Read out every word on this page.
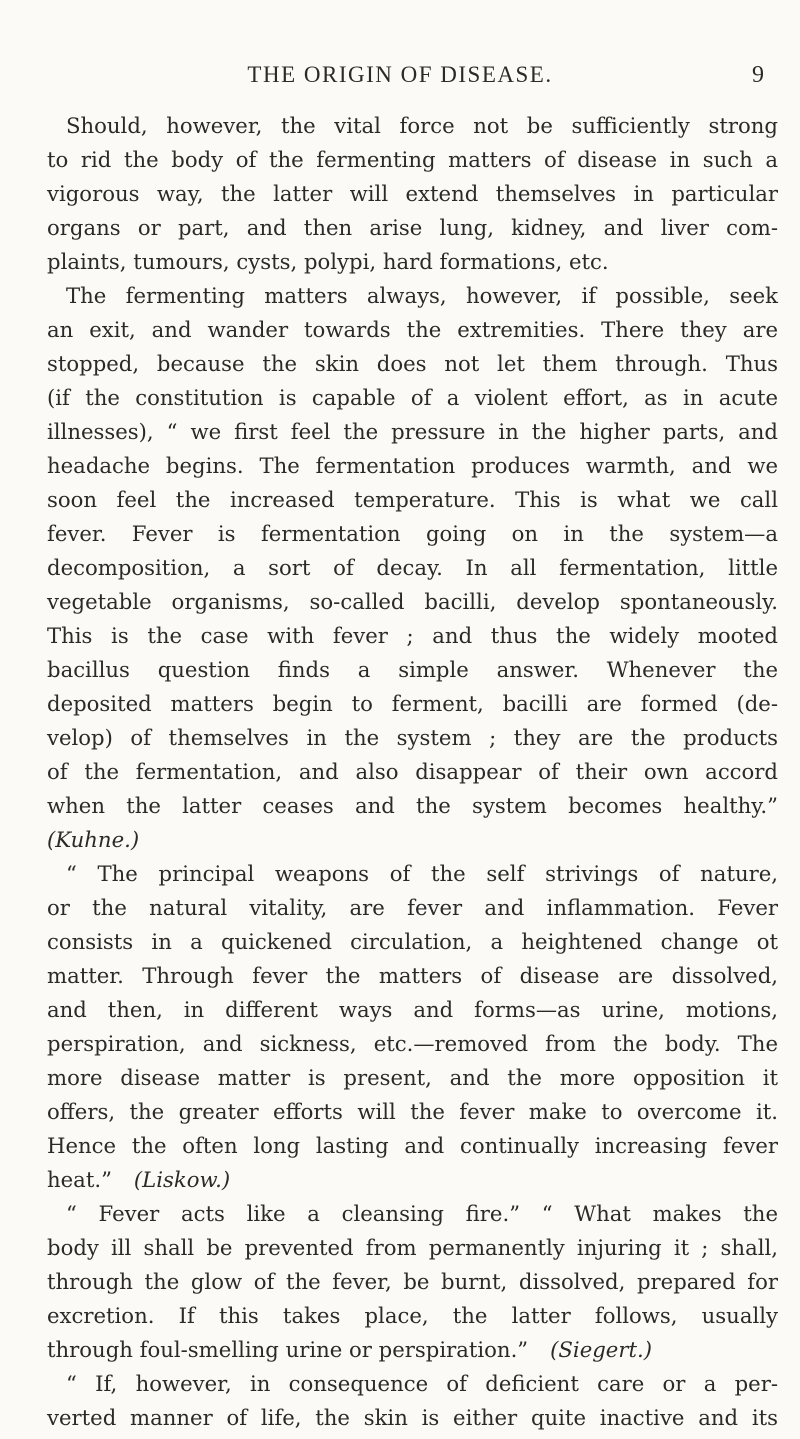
THE ORIGIN OF DISEASE.	9
Should, however, the vital force not be sufficiently strong
to rid the body of the fermenting matters of disease in such a
vigorous way, the latter will extend themselves in particular
organs or part, and then arise lung, kidney, and liver com-
plaints, tumours, cysts, polypi, hard formations, etc.
The fermenting matters always, however, if possible, seek
an exit, and wander towards the extremities. There they are
stopped, because the skin does not let them through. Thus
(if the constitution is capable of a violent effort, as in acute
illnesses), “ we first feel the pressure in the higher parts, and
headache begins. The fermentation produces warmth, and we
soon feel the increased temperature. This is what we call
fever. Fever is fermentation going on in the system—a
decomposition, a sort of decay. In all fermentation, little
vegetable organisms, so-called bacilli, develop spontaneously.
This is the case with fever ; and thus the widely mooted
bacillus question finds a simple answer. Whenever the
deposited matters begin to ferment, bacilli are formed (de-
velop) of themselves in the system ; they are the products
of the fermentation, and also disappear of their own accord
when the latter ceases and the system becomes healthy.”
(Kuhne.)
“ The principal weapons of the self strivings of nature,
or the natural vitality, are fever and inflammation. Fever
consists in a quickened circulation, a heightened change ot
matter. Through fever the matters of disease are dissolved,
and then, in different ways and forms—as urine, motions,
perspiration, and sickness, etc.—removed from the body. The
more disease matter is present, and the more opposition it
offers, the greater efforts will the fever make to overcome it.
Hence the often long lasting and continually increasing fever
heat.” (Liskow.)
“ Fever acts like a cleansing fire.” “ What makes the
body ill shall be prevented from permanently injuring it ; shall,
through the glow of the fever, be burnt, dissolved, prepared for
excretion. If this takes place, the latter follows, usually
through foul-smelling urine or perspiration.” (Siegert.)
“ If, however, in consequence of deficient care or a per-
verted manner of life, the skin is either quite inactive and its
